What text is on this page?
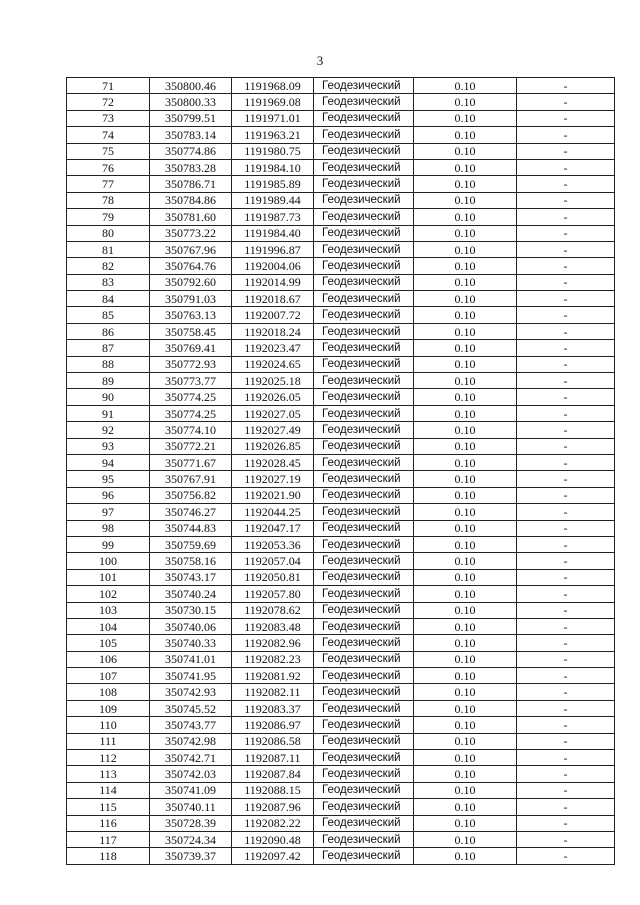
3
71	350800.46	1191968.09	Геодезический	0.10	-
72	350800.33	1191969.08	Геодезический	0.10	-
73	350799.51	1191971.01	Геодезический	0.10	-
74	350783.14	1191963.21	Геодезический	0.10	-
75	350774.86	1191980.75	Геодезический	0.10	-
76	350783.28	1191984.10	Геодезический	0.10	-
77	350786.71	1191985.89	Геодезический	0.10	-
78	350784.86	1191989.44	Геодезический	0.10	-
79	350781.60	1191987.73	Геодезический	0.10	-
80	350773.22	1191984.40	Геодезический	0.10	-
81	350767.96	1191996.87	Геодезический	0.10	-
82	350764.76	1192004.06	Геодезический	0.10	-
83	350792.60	1192014.99	Геодезический	0.10	-
84	350791.03	1192018.67	Геодезический	0.10	-
85	350763.13	1192007.72	Геодезический	0.10	-
86	350758.45	1192018.24	Геодезический	0.10	-
87	350769.41	1192023.47	Геодезический	0.10	-
88	350772.93	1192024.65	Геодезический	0.10	-
89	350773.77	1192025.18	Геодезический	0.10	-
90	350774.25	1192026.05	Геодезический	0.10	-
91	350774.25	1192027.05	Геодезический	0.10	-
92	350774.10	1192027.49	Геодезический	0.10	-
93	350772.21	1192026.85	Геодезический	0.10	-
94	350771.67	1192028.45	Геодезический	0.10	-
95	350767.91	1192027.19	Геодезический	0.10	-
96	350756.82	1192021.90	Геодезический	0.10	-
97	350746.27	1192044.25	Геодезический	0.10	-
98	350744.83	1192047.17	Геодезический	0.10	-
99	350759.69	1192053.36	Геодезический	0.10	-
100	350758.16	1192057.04	Геодезический	0.10	-
101	350743.17	1192050.81	Геодезический	0.10	-
102	350740.24	1192057.80	Геодезический	0.10	-
103	350730.15	1192078.62	Геодезический	0.10	-
104	350740.06	1192083.48	Геодезический	0.10	-
105	350740.33	1192082.96	Геодезический	0.10	-
106	350741.01	1192082.23	Геодезический	0.10	-
107	350741.95	1192081.92	Геодезический	0.10	-
108	350742.93	1192082.11	Геодезический	0.10	-
109	350745.52	1192083.37	Геодезический	0.10	-
110	350743.77	1192086.97	Геодезический	0.10	-
111	350742.98	1192086.58	Геодезический	0.10	-
112	350742.71	1192087.11	Геодезический	0.10	-
113	350742.03	1192087.84	Геодезический	0.10	-
114	350741.09	1192088.15	Геодезический	0.10	-
115	350740.11	1192087.96	Геодезический	0.10	-
116	350728.39	1192082.22	Геодезический	0.10	-
117	350724.34	1192090.48	Геодезический	0.10	-
118	350739.37	1192097.42	Геодезический	0.10	-
